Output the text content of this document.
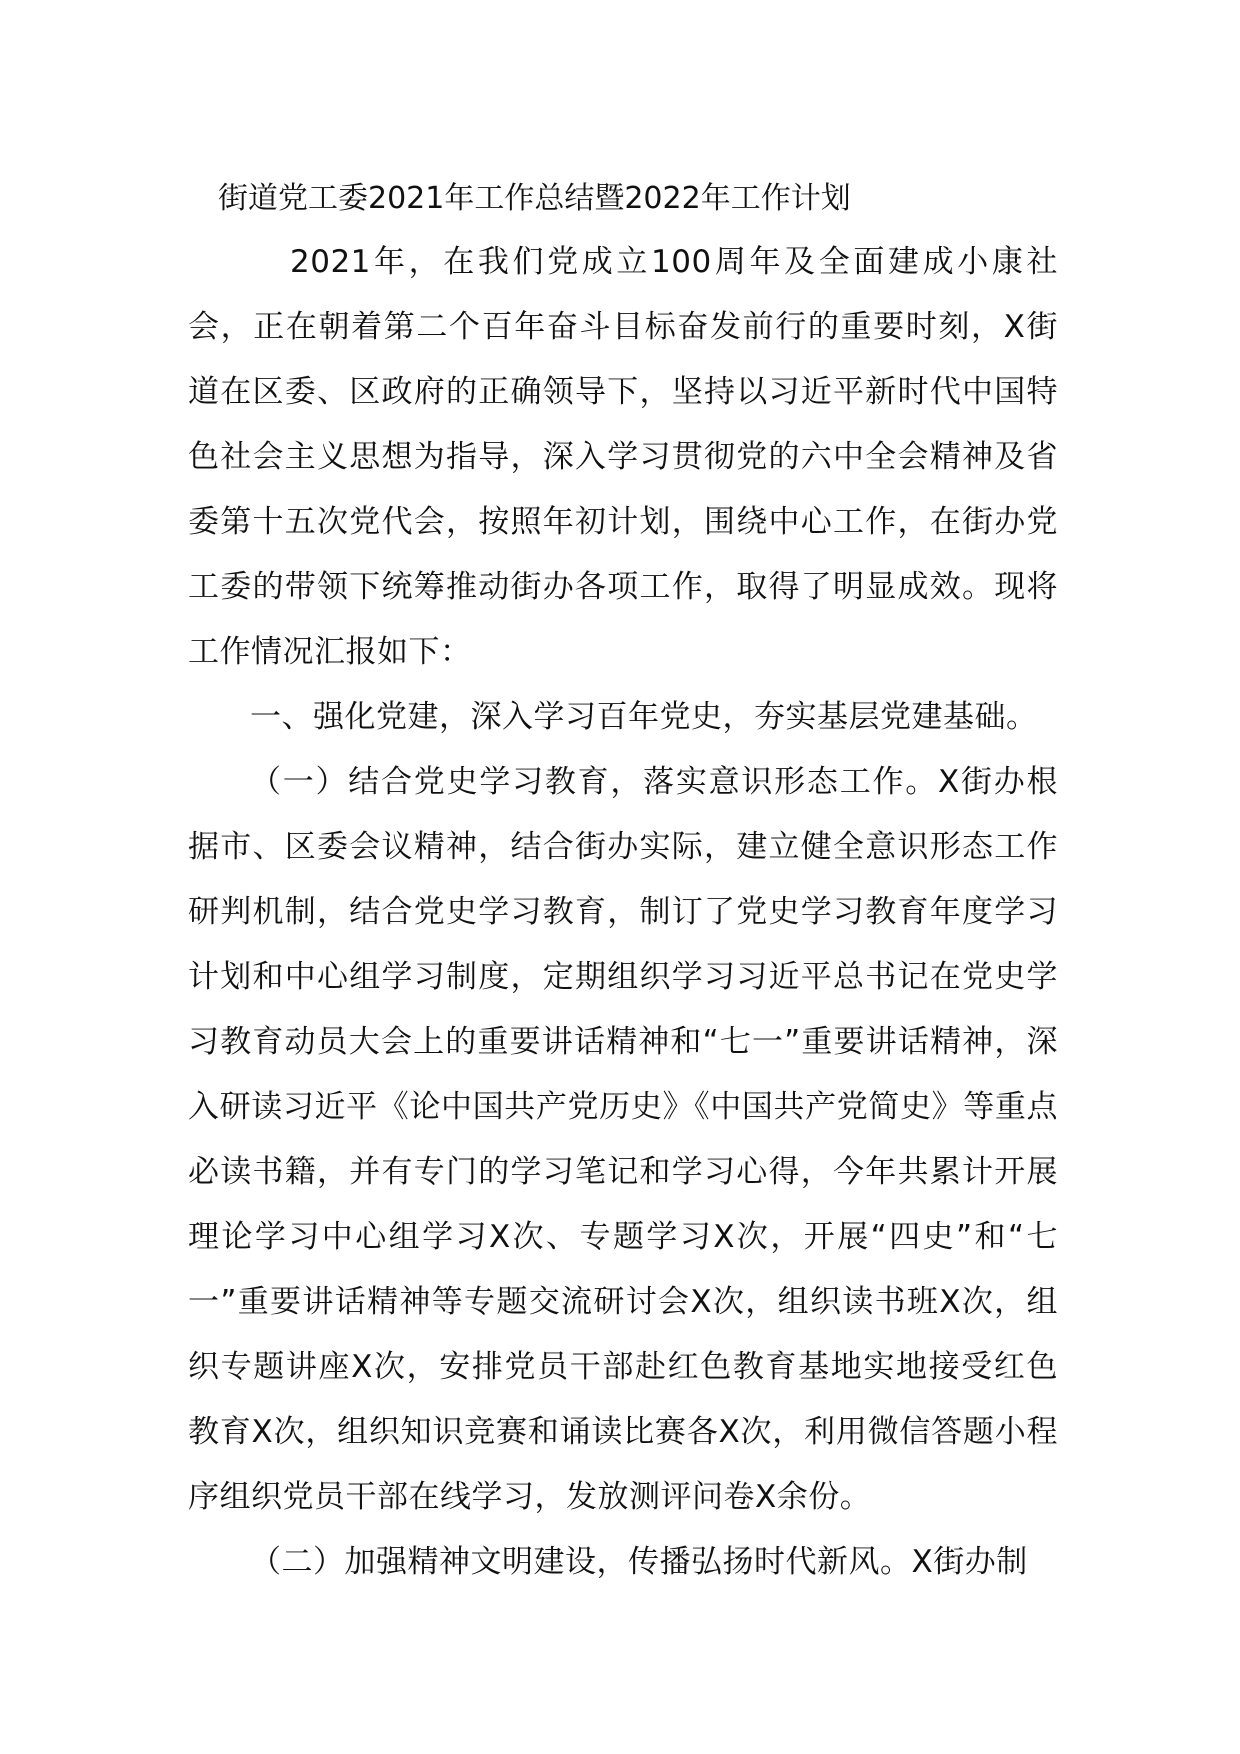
街道党工委2021年工作总结暨2022年工作计划

2021年，在我们党成立100周年及全面建成小康社会，正在朝着第二个百年奋斗目标奋发前行的重要时刻，X街道在区委、区政府的正确领导下，坚持以习近平新时代中国特色社会主义思想为指导，深入学习贯彻党的六中全会精神及省委第十五次党代会，按照年初计划，围绕中心工作，在街办党工委的带领下统筹推动街办各项工作，取得了明显成效。现将工作情况汇报如下：

一、强化党建，深入学习百年党史，夯实基层党建基础。

（一）结合党史学习教育，落实意识形态工作。X街办根据市、区委会议精神，结合街办实际，建立健全意识形态工作研判机制，结合党史学习教育，制订了党史学习教育年度学习计划和中心组学习制度，定期组织学习习近平总书记在党史学习教育动员大会上的重要讲话精神和“七一”重要讲话精神，深入研读习近平《论中国共产党历史》《中国共产党简史》等重点必读书籍，并有专门的学习笔记和学习心得，今年共累计开展理论学习中心组学习X次、专题学习X次，开展“四史”和“七一”重要讲话精神等专题交流研讨会X次，组织读书班X次，组织专题讲座X次，安排党员干部赴红色教育基地实地接受红色教育X次，组织知识竞赛和诵读比赛各X次，利用微信答题小程序组织党员干部在线学习，发放测评问卷X余份。

（二）加强精神文明建设，传播弘扬时代新风。X街办制
